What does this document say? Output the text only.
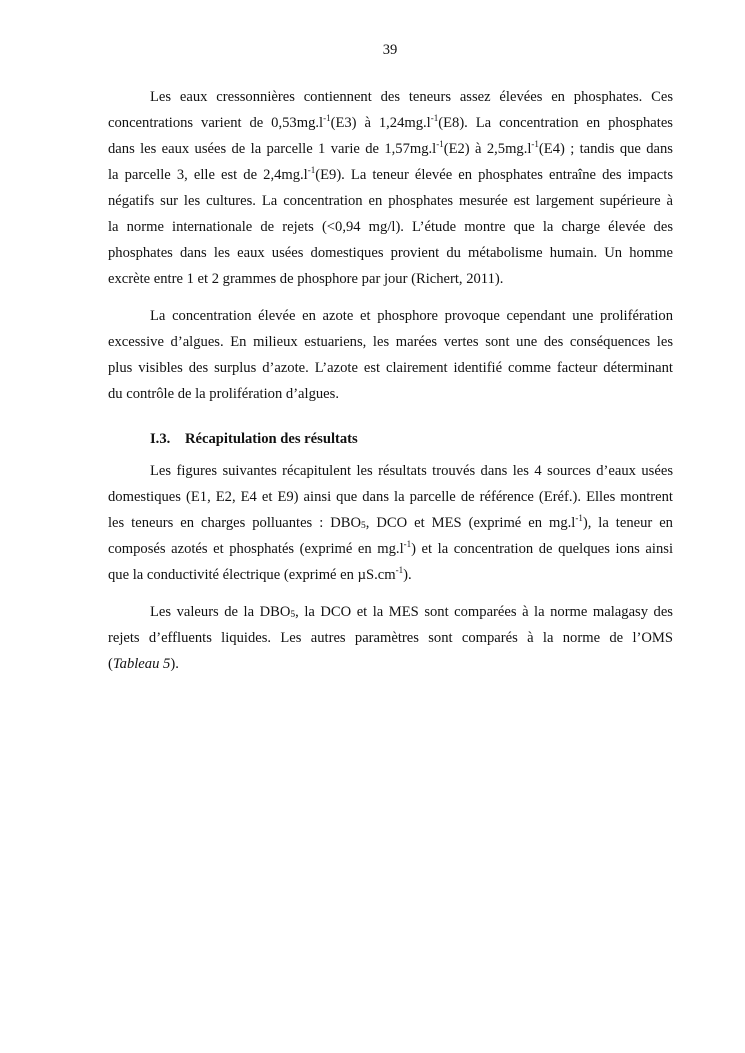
39
Les eaux cressonnières contiennent des teneurs assez élevées en phosphates. Ces
concentrations varient de $0,53mg.l^{-1}(E3)$ à $1,24mg.l^{-1}(E8)$. La concentration en phosphates
dans les eaux usées de la parcelle 1 varie de $1,57mg.l^{-1}(E2)$ à $2,5mg.l^{-1}(E4)$ ; tandis que dans
la parcelle 3, elle est de $2,4mg.l^{-1}(E9)$. La teneur élevée en phosphates entraîne des impacts
négatifs sur les cultures. La concentration en phosphates mesurée est largement supérieure à
la norme internationale de rejets (<0,94 mg/l). L’étude montre que la charge élevée des
phosphates dans les eaux usées domestiques provient du métabolisme humain. Un homme
excrète entre 1 et 2 grammes de phosphore par jour (Richert, 2011).
La concentration élevée en azote et phosphore provoque cependant une prolifération
excessive d’algues. En milieux estuariens, les marées vertes sont une des conséquences les
plus visibles des surplus d’azote. L’azote est clairement identifié comme facteur déterminant
du contrôle de la prolifération d’algues.
I.3. Récapitulation des résultats
Les figures suivantes récapitulent les résultats trouvés dans les 4 sources d’eaux usées
domestiques (E1, E2, E4 et E9) ainsi que dans la parcelle de référence (Eréf.). Elles montrent
les teneurs en charges polluantes : $DBO_5$, DCO et MES (exprimé en $mg.l^{-1}$), la teneur en
composés azotés et phosphatés (exprimé en $mg.l^{-1}$) et la concentration de quelques ions ainsi
que la conductivité électrique (exprimé en $\mu S.cm^{-1}$).
Les valeurs de la $DBO_5$, la DCO et la MES sont comparées à la norme malagasy des
rejets d’effluents liquides. Les autres paramètres sont comparés à la norme de l’OMS
(Tableau 5).
